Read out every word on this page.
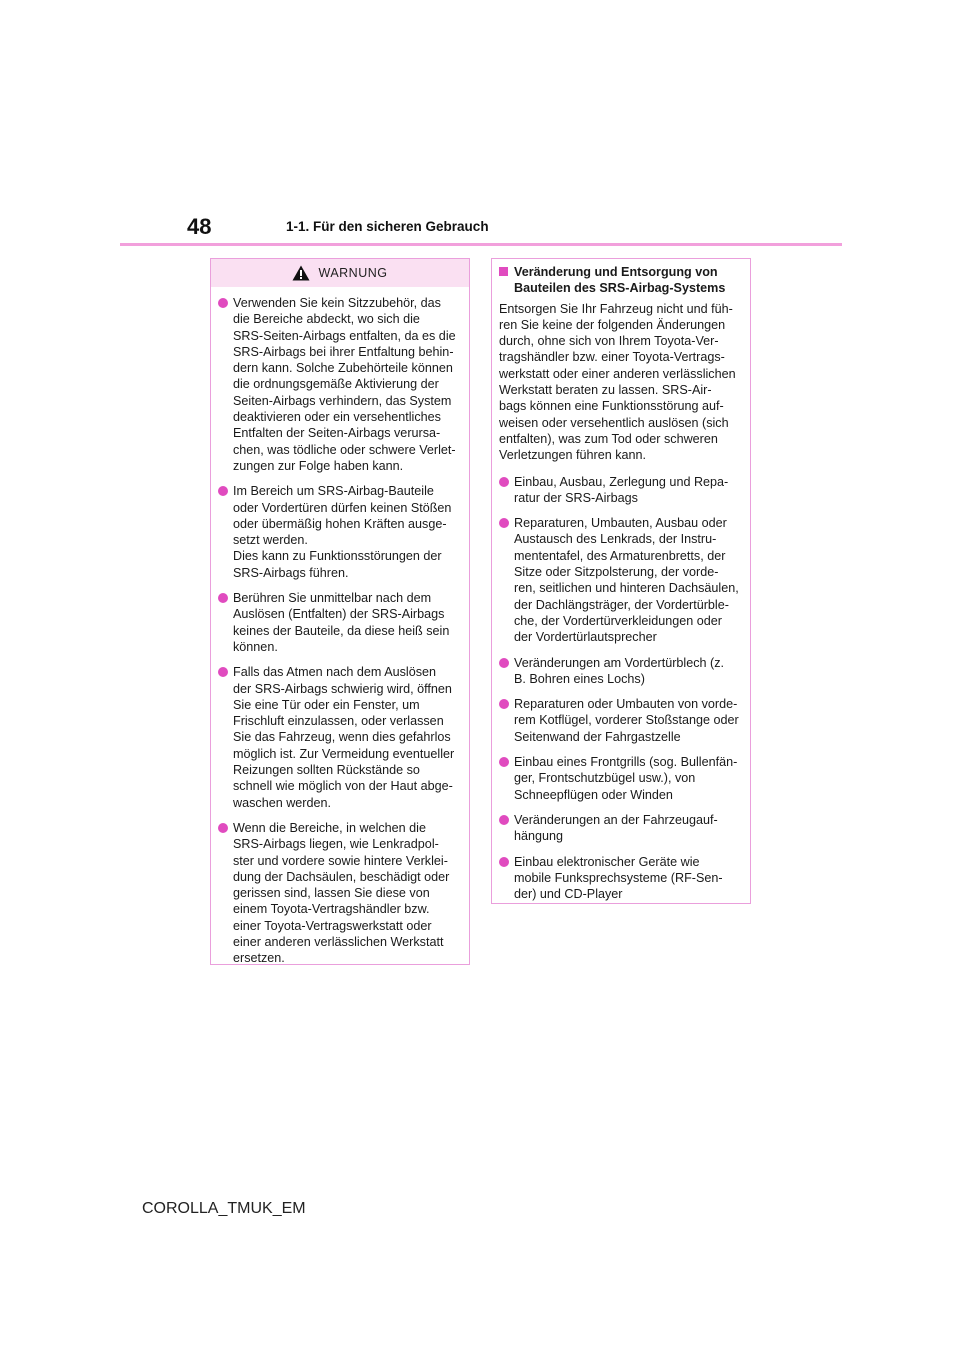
48	1-1. Für den sicheren Gebrauch
WARNUNG
Verwenden Sie kein Sitzzubehör, das
die Bereiche abdeckt, wo sich die
SRS-Seiten-Airbags entfalten, da es die
SRS-Airbags bei ihrer Entfaltung behin-
dern kann. Solche Zubehörteile können
die ordnungsgemäße Aktivierung der
Seiten-Airbags verhindern, das System
deaktivieren oder ein versehentliches
Entfalten der Seiten-Airbags verursa-
chen, was tödliche oder schwere Verlet-
zungen zur Folge haben kann.
Im Bereich um SRS-Airbag-Bauteile
oder Vordertüren dürfen keinen Stößen
oder übermäßig hohen Kräften ausge-
setzt werden.
Dies kann zu Funktionsstörungen der
SRS-Airbags führen.
Berühren Sie unmittelbar nach dem
Auslösen (Entfalten) der SRS-Airbags
keines der Bauteile, da diese heiß sein
können.
Falls das Atmen nach dem Auslösen
der SRS-Airbags schwierig wird, öffnen
Sie eine Tür oder ein Fenster, um
Frischluft einzulassen, oder verlassen
Sie das Fahrzeug, wenn dies gefahrlos
möglich ist. Zur Vermeidung eventueller
Reizungen sollten Rückstände so
schnell wie möglich von der Haut abge-
waschen werden.
Wenn die Bereiche, in welchen die
SRS-Airbags liegen, wie Lenkradpol-
ster und vordere sowie hintere Verklei-
dung der Dachsäulen, beschädigt oder
gerissen sind, lassen Sie diese von
einem Toyota-Vertragshändler bzw.
einer Toyota-Vertragswerkstatt oder
einer anderen verlässlichen Werkstatt
ersetzen.
Veränderung und Entsorgung von
Bauteilen des SRS-Airbag-Systems
Entsorgen Sie Ihr Fahrzeug nicht und füh-
ren Sie keine der folgenden Änderungen
durch, ohne sich von Ihrem Toyota-Ver-
tragshändler bzw. einer Toyota-Vertrags-
werkstatt oder einer anderen verlässlichen
Werkstatt beraten zu lassen. SRS-Air-
bags können eine Funktionsstörung auf-
weisen oder versehentlich auslösen (sich
entfalten), was zum Tod oder schweren
Verletzungen führen kann.
Einbau, Ausbau, Zerlegung und Repa-
ratur der SRS-Airbags
Reparaturen, Umbauten, Ausbau oder
Austausch des Lenkrads, der Instru-
mententafel, des Armaturenbretts, der
Sitze oder Sitzpolsterung, der vorde-
ren, seitlichen und hinteren Dachsäulen,
der Dachlängsträger, der Vordertürble-
che, der Vordertürverkleidungen oder
der Vordertürlautsprecher
Veränderungen am Vordertürblech (z.
B. Bohren eines Lochs)
Reparaturen oder Umbauten von vorde-
rem Kotflügel, vorderer Stoßstange oder
Seitenwand der Fahrgastzelle
Einbau eines Frontgrills (sog. Bullenfän-
ger, Frontschutzbügel usw.), von
Schneepflügen oder Winden
Veränderungen an der Fahrzeugauf-
hängung
Einbau elektronischer Geräte wie
mobile Funksprechsysteme (RF-Sen-
der) und CD-Player
COROLLA_TMUK_EM
